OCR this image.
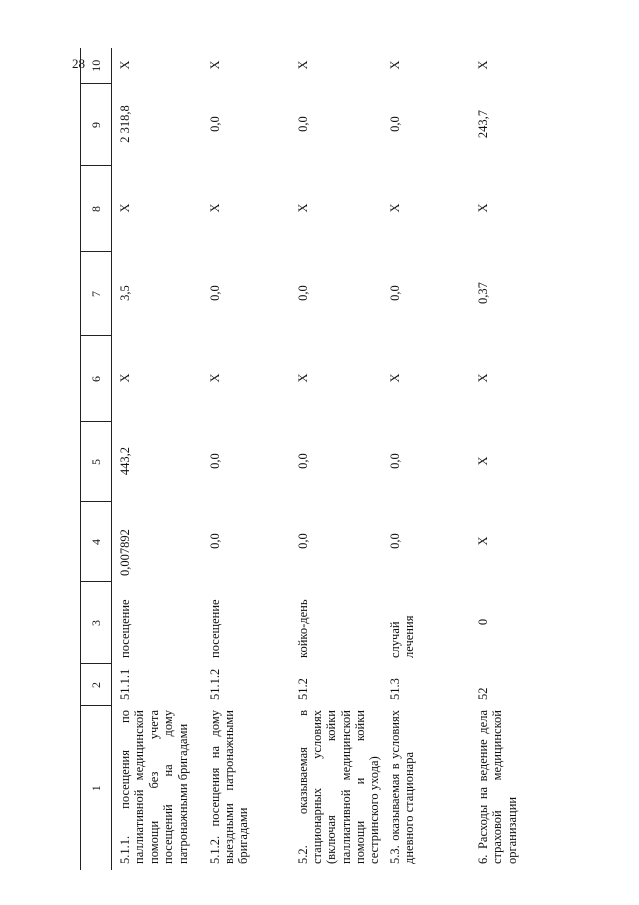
28
1	2	3	4	5	6	7	8	9	10
5.1.1. посещения по паллиативной медицинской помощи без учета посещений на дому патронажными бригадами	51.1.1	посещение	0,007892	443,2	X	3,5	X	2 318,8	X
5.1.2. посещения на дому выездными патронажными бригадами	51.1.2	посещение	0,0	0,0	X	0,0	X	0,0	X
5.2. оказываемая в стационарных условиях (включая койки паллиативной медицинской помощи и койки сестринского ухода)	51.2	койко-день	0,0	0,0	X	0,0	X	0,0	X
5.3. оказываемая в условиях дневного стационара	51.3	случай лечения	0,0	0,0	X	0,0	X	0,0	X
6. Расходы на ведение дела страховой медицинской организации	52	0	X	X	X	0,37	X	243,7	X
